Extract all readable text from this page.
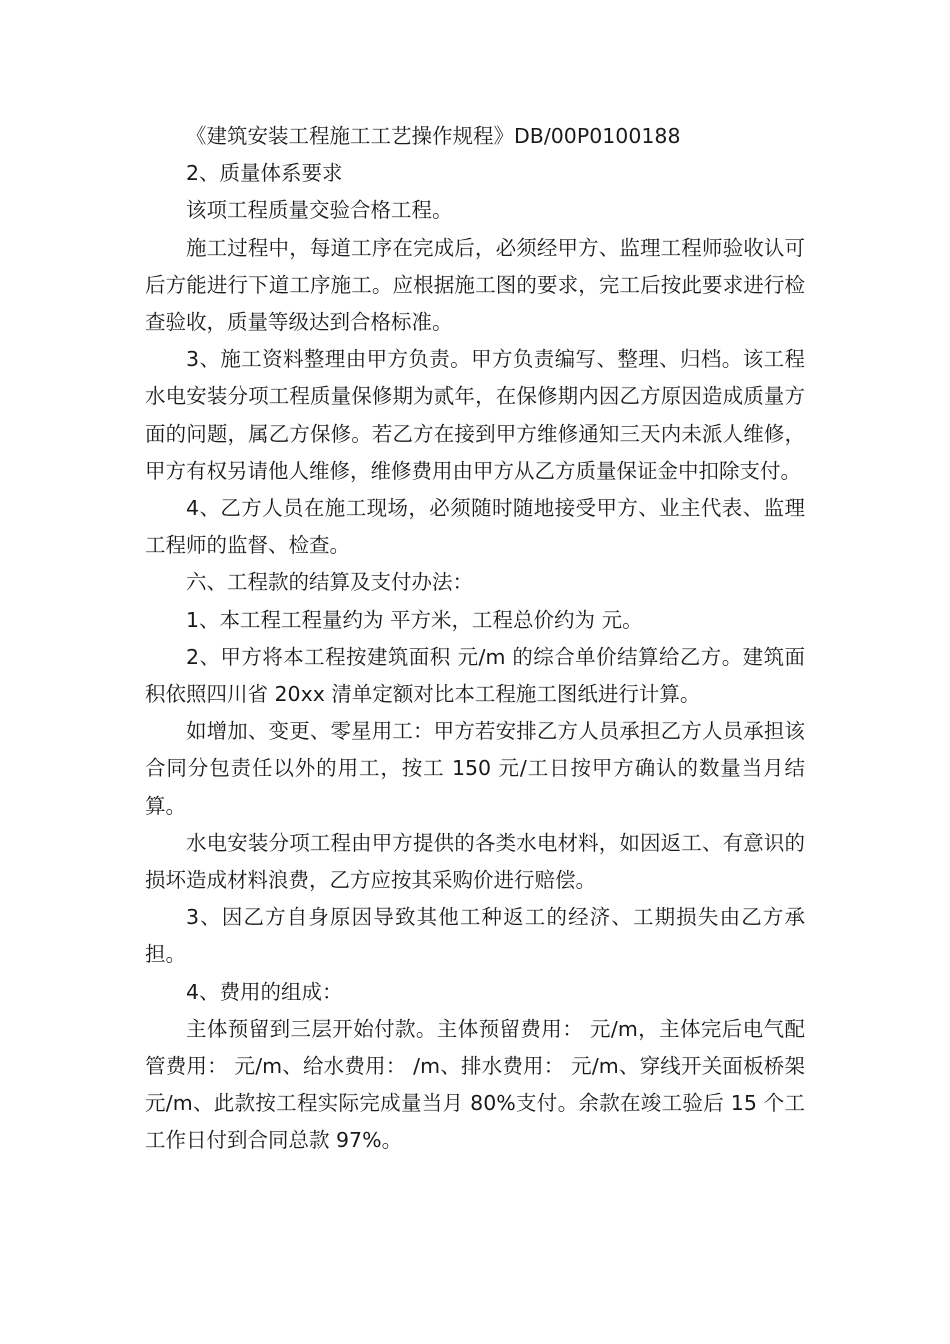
《建筑安装工程施工工艺操作规程》DB/00P0100188

2、质量体系要求

该项工程质量交验合格工程。

施工过程中，每道工序在完成后，必须经甲方、监理工程师验收认可后方能进行下道工序施工。应根据施工图的要求，完工后按此要求进行检查验收，质量等级达到合格标准。

3、施工资料整理由甲方负责。甲方负责编写、整理、归档。该工程水电安装分项工程质量保修期为贰年，在保修期内因乙方原因造成质量方面的问题，属乙方保修。若乙方在接到甲方维修通知三天内未派人维修，甲方有权另请他人维修，维修费用由甲方从乙方质量保证金中扣除支付。

4、乙方人员在施工现场，必须随时随地接受甲方、业主代表、监理工程师的监督、检查。

六、工程款的结算及支付办法：

1、本工程工程量约为 平方米，工程总价约为 元。

2、甲方将本工程按建筑面积 元/m 的综合单价结算给乙方。建筑面积依照四川省 20xx 清单定额对比本工程施工图纸进行计算。

如增加、变更、零星用工：甲方若安排乙方人员承担乙方人员承担该合同分包责任以外的用工，按工 150 元/工日按甲方确认的数量当月结算。

水电安装分项工程由甲方提供的各类水电材料，如因返工、有意识的损坏造成材料浪费，乙方应按其采购价进行赔偿。

3、因乙方自身原因导致其他工种返工的经济、工期损失由乙方承担。

4、费用的组成：

主体预留到三层开始付款。主体预留费用： 元/m，主体完后电气配管费用： 元/m、给水费用： /m、排水费用： 元/m、穿线开关面板桥架 元/m、此款按工程实际完成量当月 80%支付。余款在竣工验后 15 个工工作日付到合同总款 97%。
